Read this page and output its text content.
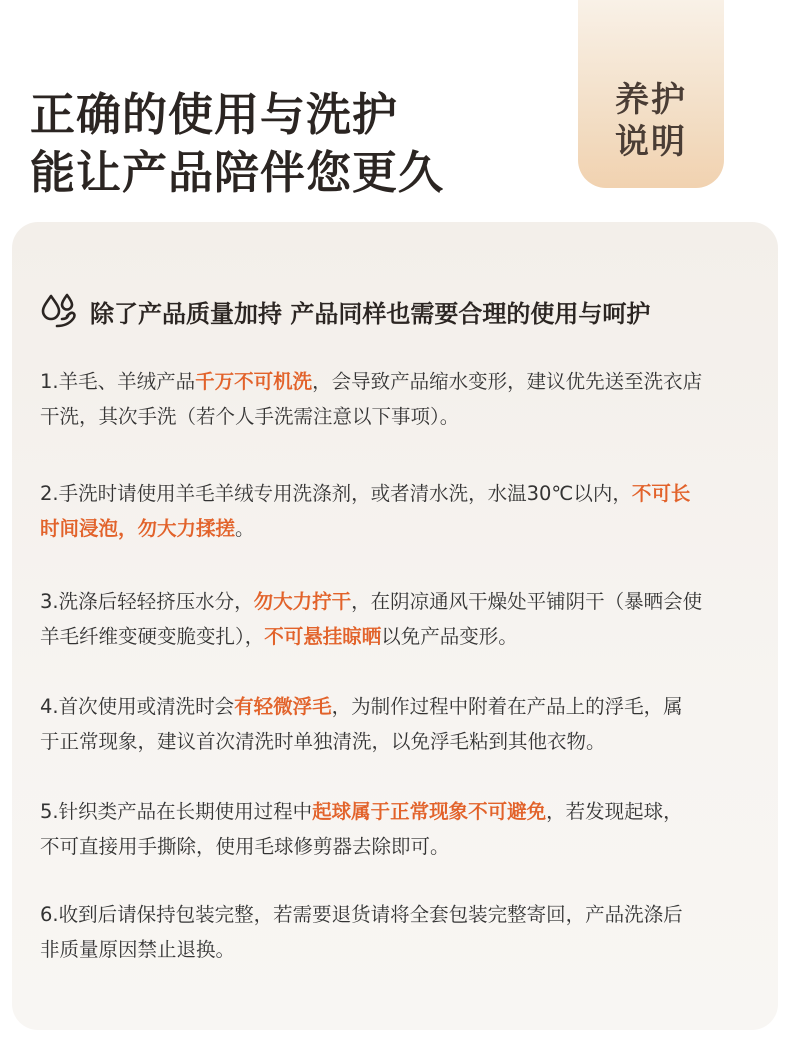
正确的使用与洗护
能让产品陪伴您更久
养护
说明
除了产品质量加持 产品同样也需要合理的使用与呵护
1.羊毛、羊绒产品千万不可机洗，会导致产品缩水变形，建议优先送至洗衣店
干洗，其次手洗（若个人手洗需注意以下事项）。
2.手洗时请使用羊毛羊绒专用洗涤剂，或者清水洗，水温30℃以内，不可长
时间浸泡，勿大力揉搓。
3.洗涤后轻轻挤压水分，勿大力拧干，在阴凉通风干燥处平铺阴干（暴晒会使
羊毛纤维变硬变脆变扎），不可悬挂晾晒以免产品变形。
4.首次使用或清洗时会有轻微浮毛，为制作过程中附着在产品上的浮毛，属
于正常现象，建议首次清洗时单独清洗，以免浮毛粘到其他衣物。
5.针织类产品在长期使用过程中起球属于正常现象不可避免，若发现起球，
不可直接用手撕除，使用毛球修剪器去除即可。
6.收到后请保持包装完整，若需要退货请将全套包装完整寄回，产品洗涤后
非质量原因禁止退换。
